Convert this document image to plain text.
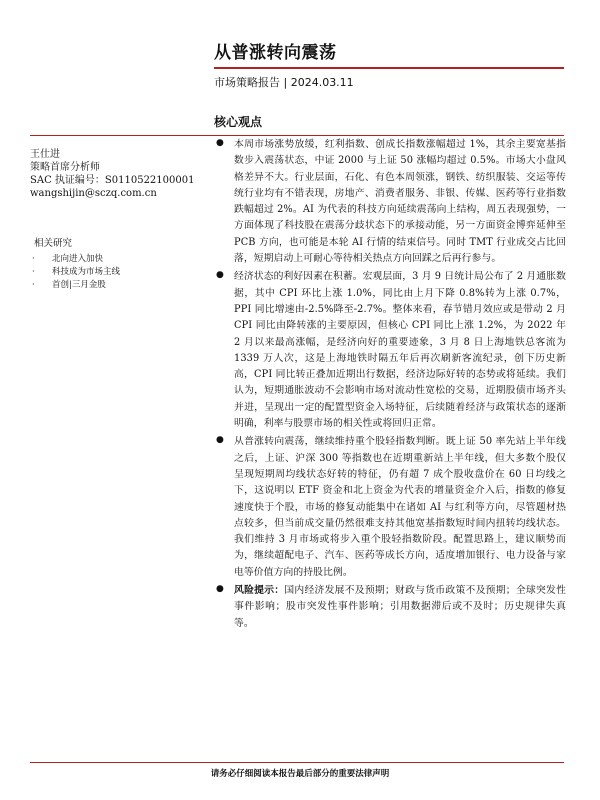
从普涨转向震荡
市场策略报告 | 2024.03.11
核心观点
王仕进
策略首席分析师
SAC 执证编号：S0110522100001
wangshijin@sczq.com.cn
相关研究
· 北向进入加快
· 科技成为市场主线
· 首创|三月金股
● 本周市场涨势放缓，红利指数、创成长指数涨幅超过 1%，其余主要宽基指数步入震荡状态，中证 2000 与上证 50 涨幅均超过 0.5%。市场大小盘风格差异不大。行业层面，石化、有色本周领涨，钢铁、纺织服装、交运等传统行业均有不错表现，房地产、消费者服务、非银、传媒、医药等行业指数跌幅超过 2%。AI 为代表的科技方向延续震荡向上结构，周五表现强势，一方面体现了科技股在震荡分歧状态下的承接动能，另一方面资金博弈延伸至 PCB 方向，也可能是本轮 AI 行情的结束信号。同时 TMT 行业成交占比回落，短期启动上可耐心等待相关热点方向回踩之后再行参与。

● 经济状态的利好因素在积蓄。宏观层面，3 月 9 日统计局公布了 2 月通胀数据，其中 CPI 环比上涨 1.0%，同比由上月下降 0.8%转为上涨 0.7%，PPI 同比增速由-2.5%降至-2.7%。整体来看，春节错月效应或是带动 2 月 CPI 同比由降转涨的主要原因，但核心 CPI 同比上涨 1.2%，为 2022 年 2 月以来最高涨幅，是经济向好的重要迹象，3 月 8 日上海地铁总客流为 1339 万人次，这是上海地铁时隔五年后再次刷新客流纪录，创下历史新高，CPI 同比转正叠加近期出行数据，经济边际好转的态势或将延续。我们认为，短期通胀波动不会影响市场对流动性宽松的交易，近期股债市场齐头并进，呈现出一定的配置型资金入场特征，后续随着经济与政策状态的逐渐明确，利率与股票市场的相关性或将回归正常。

● 从普涨转向震荡，继续维持重个股轻指数判断。既上证 50 率先站上半年线之后，上证、沪深 300 等指数也在近期重新站上半年线，但大多数个股仅呈现短期周均线状态好转的特征，仍有超 7 成个股收盘价在 60 日均线之下，这说明以 ETF 资金和北上资金为代表的增量资金介入后，指数的修复速度快于个股，市场的修复动能集中在诸如 AI 与红利等方向，尽管题材热点较多，但当前成交量仍然很难支持其他宽基指数短时间内扭转均线状态。我们维持 3 月市场或将步入重个股轻指数阶段。配置思路上，建议顺势而为，继续超配电子、汽车、医药等成长方向，适度增加银行、电力设备与家电等价值方向的持股比例。

● 风险提示：国内经济发展不及预期；财政与货币政策不及预期；全球突发性事件影响；股市突发性事件影响；引用数据滞后或不及时；历史规律失真等。

请务必仔细阅读本报告最后部分的重要法律声明
